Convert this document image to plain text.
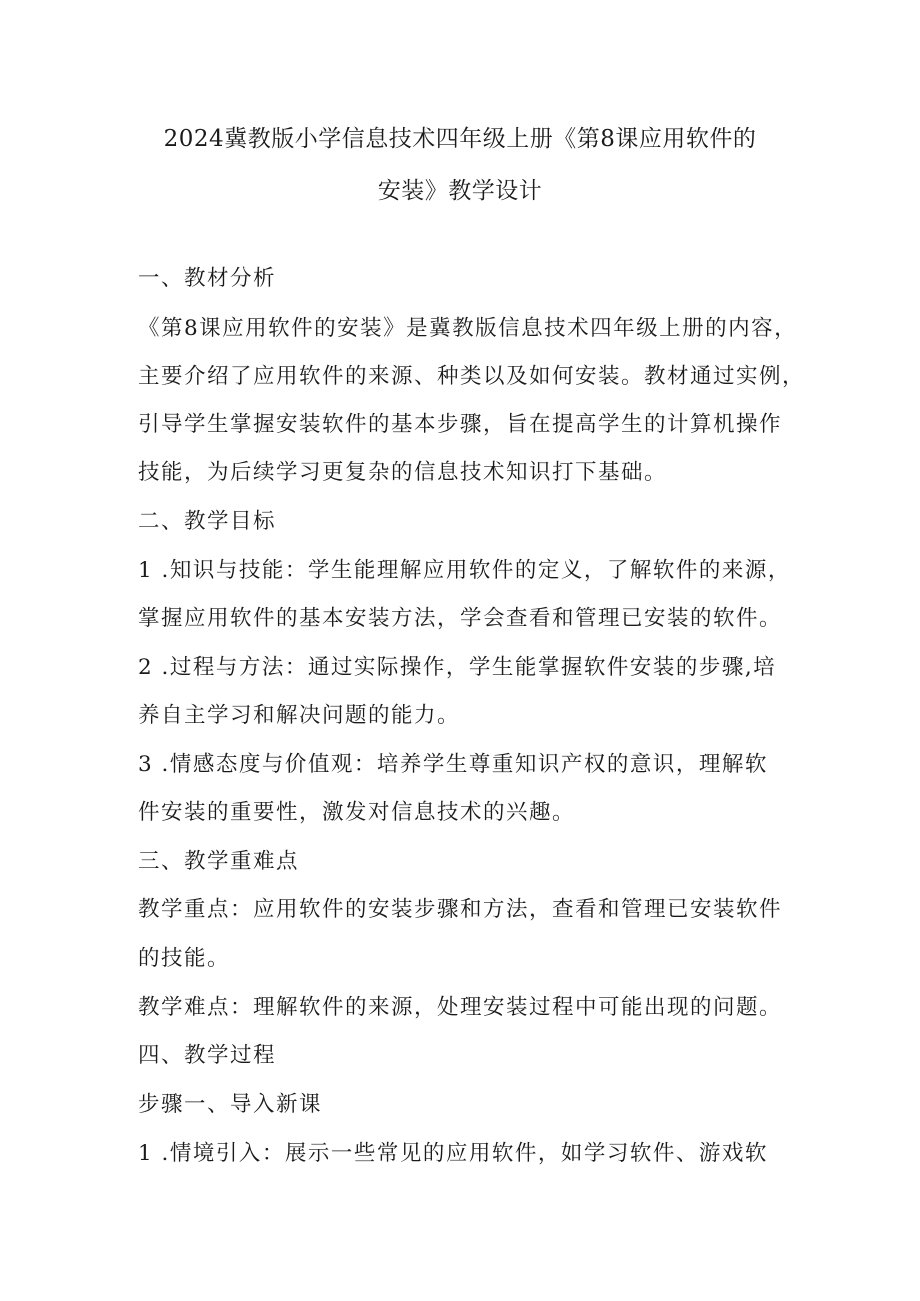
2024冀教版小学信息技术四年级上册《第8课应用软件的
安装》教学设计
一、教材分析
《第8课应用软件的安装》是冀教版信息技术四年级上册的内容，
主要介绍了应用软件的来源、种类以及如何安装。教材通过实例，
引导学生掌握安装软件的基本步骤，旨在提高学生的计算机操作
技能，为后续学习更复杂的信息技术知识打下基础。
二、教学目标
1 .知识与技能：学生能理解应用软件的定义，了解软件的来源，
掌握应用软件的基本安装方法，学会查看和管理已安装的软件。
2 .过程与方法：通过实际操作，学生能掌握软件安装的步骤,培
养自主学习和解决问题的能力。
3 .情感态度与价值观：培养学生尊重知识产权的意识，理解软
件安装的重要性，激发对信息技术的兴趣。
三、教学重难点
教学重点：应用软件的安装步骤和方法，查看和管理已安装软件
的技能。
教学难点：理解软件的来源，处理安装过程中可能出现的问题。
四、教学过程
步骤一、导入新课
1 .情境引入：展示一些常见的应用软件，如学习软件、游戏软
